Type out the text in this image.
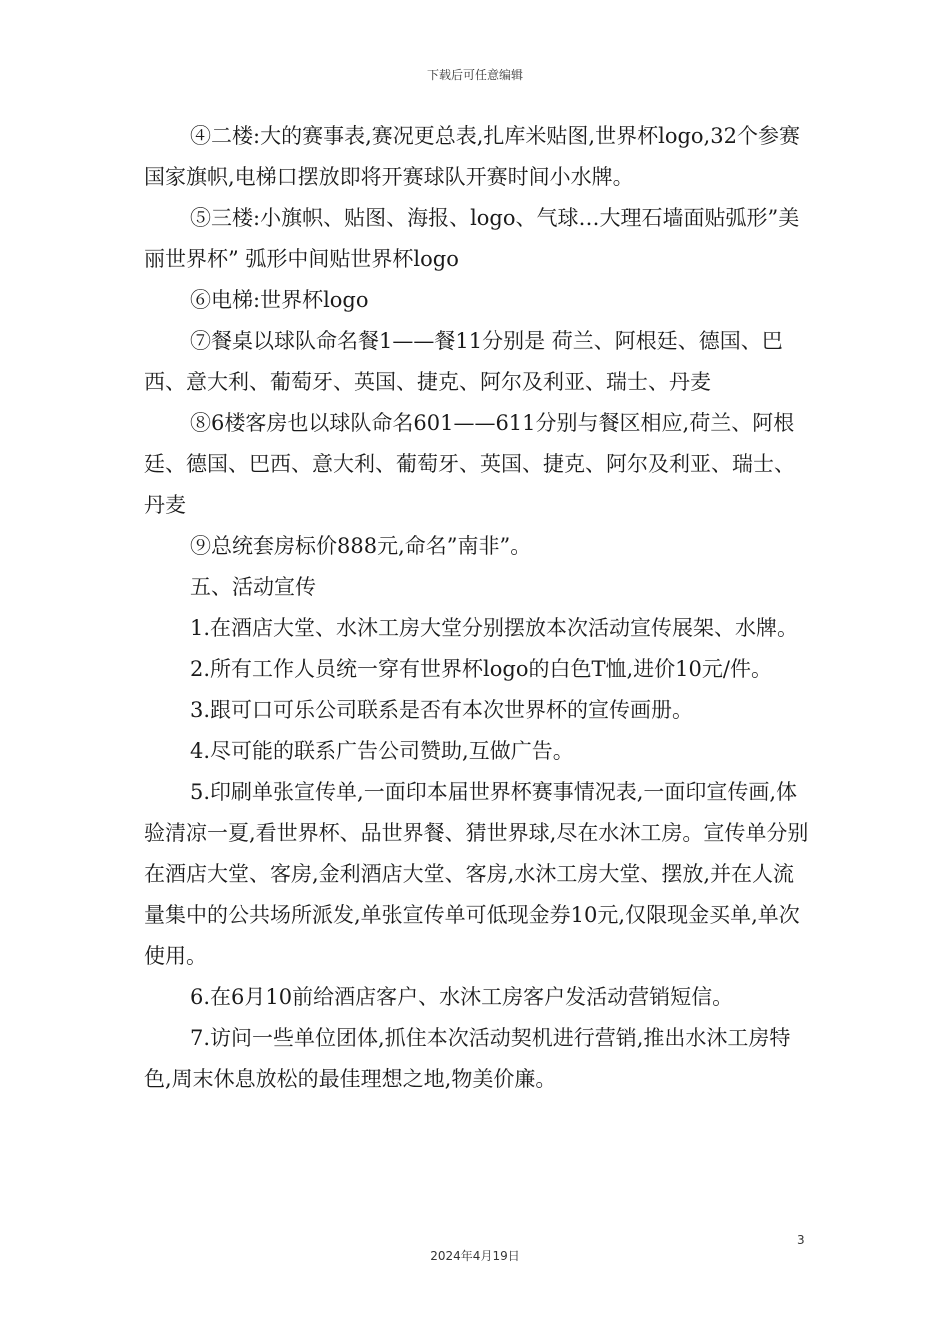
下载后可任意编辑

④二楼:大的赛事表,赛况更总表,扎库米贴图,世界杯logo,32个参赛国家旗帜,电梯口摆放即将开赛球队开赛时间小水牌。

⑤三楼:小旗帜、贴图、海报、logo、气球…大理石墙面贴弧形”美丽世界杯” 弧形中间贴世界杯logo

⑥电梯:世界杯logo

⑦餐桌以球队命名餐1——餐11分别是 荷兰、阿根廷、德国、巴西、意大利、葡萄牙、英国、捷克、阿尔及利亚、瑞士、丹麦

⑧6楼客房也以球队命名601——611分别与餐区相应,荷兰、阿根廷、德国、巴西、意大利、葡萄牙、英国、捷克、阿尔及利亚、瑞士、丹麦

⑨总统套房标价888元,命名”南非”。

五、活动宣传

1.在酒店大堂、水沐工房大堂分别摆放本次活动宣传展架、水牌。

2.所有工作人员统一穿有世界杯logo的白色T恤,进价10元/件。

3.跟可口可乐公司联系是否有本次世界杯的宣传画册。

4.尽可能的联系广告公司赞助,互做广告。

5.印刷单张宣传单,一面印本届世界杯赛事情况表,一面印宣传画,体验清凉一夏,看世界杯、品世界餐、猜世界球,尽在水沐工房。宣传单分别在酒店大堂、客房,金利酒店大堂、客房,水沐工房大堂、摆放,并在人流量集中的公共场所派发,单张宣传单可低现金券10元,仅限现金买单,单次使用。

6.在6月10前给酒店客户、水沐工房客户发活动营销短信。

7.访问一些单位团体,抓住本次活动契机进行营销,推出水沐工房特色,周末休息放松的最佳理想之地,物美价廉。

3
2024年4月19日
